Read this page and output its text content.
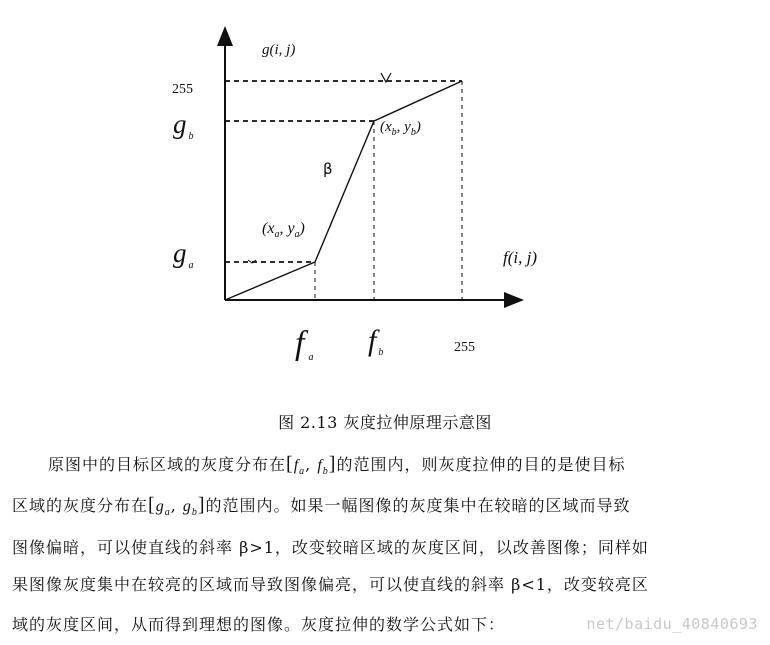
g(i, j)
f(i, j)
255
g $_b$
g $_a$
fa
fb	255
($x_a$, $y_a$)
($x_b$, $y_b$)
β
图 2.13 灰度拉伸原理示意图
原图中的目标区域的灰度分布在[$f_a$, $f_b$]的范围内，则灰度拉伸的目的是使目标
区域的灰度分布在[$g_a$, $g_b$]的范围内。如果一幅图像的灰度集中在较暗的区域而导致
图像偏暗，可以使直线的斜率 β>1，改变较暗区域的灰度区间，以改善图像；同样如
果图像灰度集中在较亮的区域而导致图像偏亮，可以使直线的斜率 β<1，改变较亮区
域的灰度区间，从而得到理想的图像。灰度拉伸的数学公式如下：	net/baidu_40840693
